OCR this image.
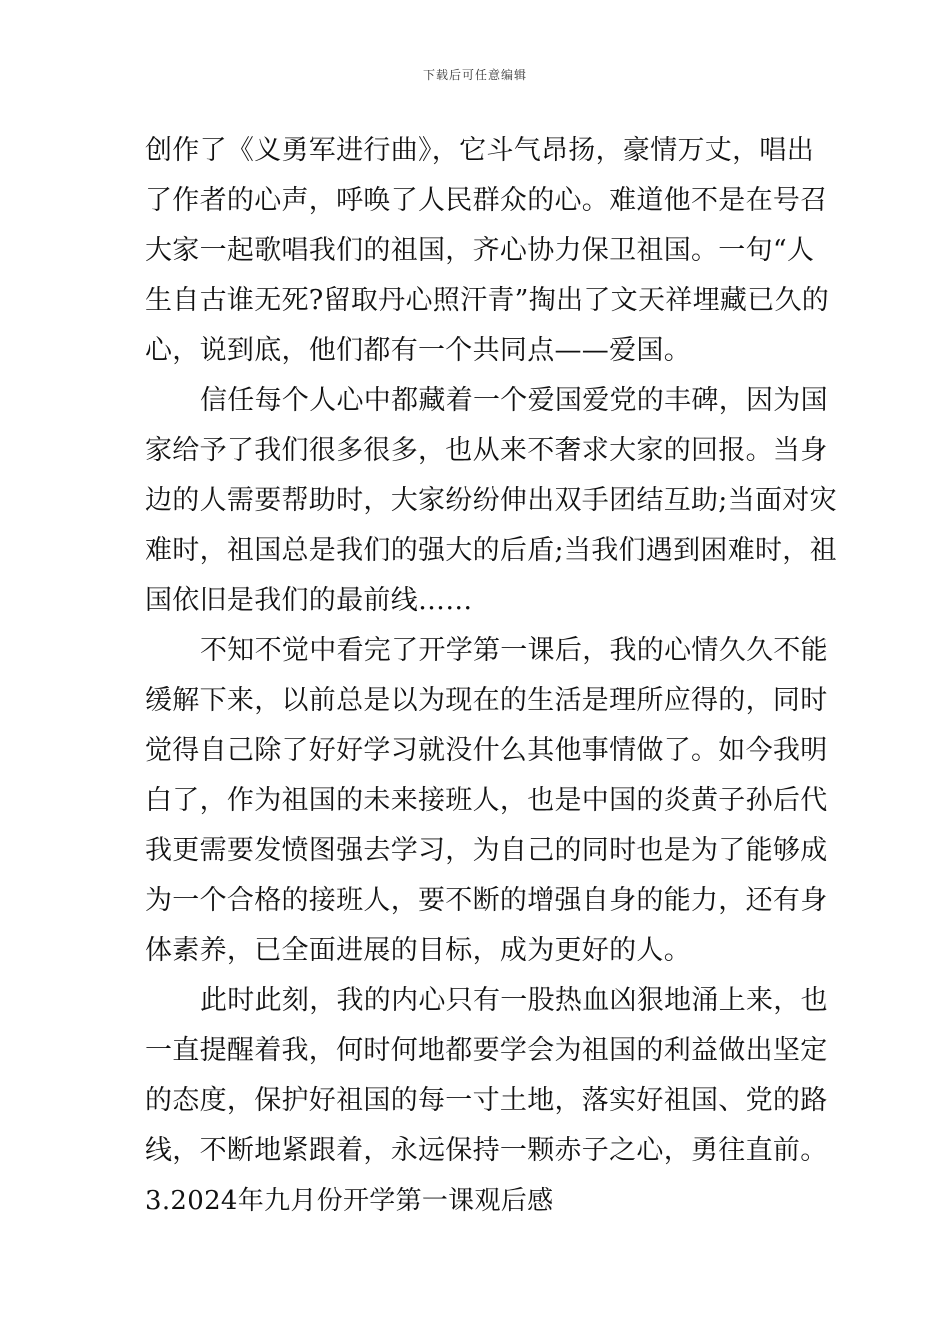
下载后可任意编辑
创作了《义勇军进行曲》，它斗气昂扬，豪情万丈，唱出
了作者的心声，呼唤了人民群众的心。难道他不是在号召
大家一起歌唱我们的祖国，齐心协力保卫祖国。一句“人
生自古谁无死?留取丹心照汗青”掏出了文天祥埋藏已久的
心，说到底，他们都有一个共同点——爱国。
信任每个人心中都藏着一个爱国爱党的丰碑，因为国
家给予了我们很多很多，也从来不奢求大家的回报。当身
边的人需要帮助时，大家纷纷伸出双手团结互助;当面对灾
难时，祖国总是我们的强大的后盾;当我们遇到困难时，祖
国依旧是我们的最前线……
不知不觉中看完了开学第一课后，我的心情久久不能
缓解下来，以前总是以为现在的生活是理所应得的，同时
觉得自己除了好好学习就没什么其他事情做了。如今我明
白了，作为祖国的未来接班人，也是中国的炎黄子孙后代
我更需要发愤图强去学习，为自己的同时也是为了能够成
为一个合格的接班人，要不断的增强自身的能力，还有身
体素养，已全面进展的目标，成为更好的人。
此时此刻，我的内心只有一股热血凶狠地涌上来，也
一直提醒着我，何时何地都要学会为祖国的利益做出坚定
的态度，保护好祖国的每一寸土地，落实好祖国、党的路
线，不断地紧跟着，永远保持一颗赤子之心，勇往直前。
3.2024年九月份开学第一课观后感
